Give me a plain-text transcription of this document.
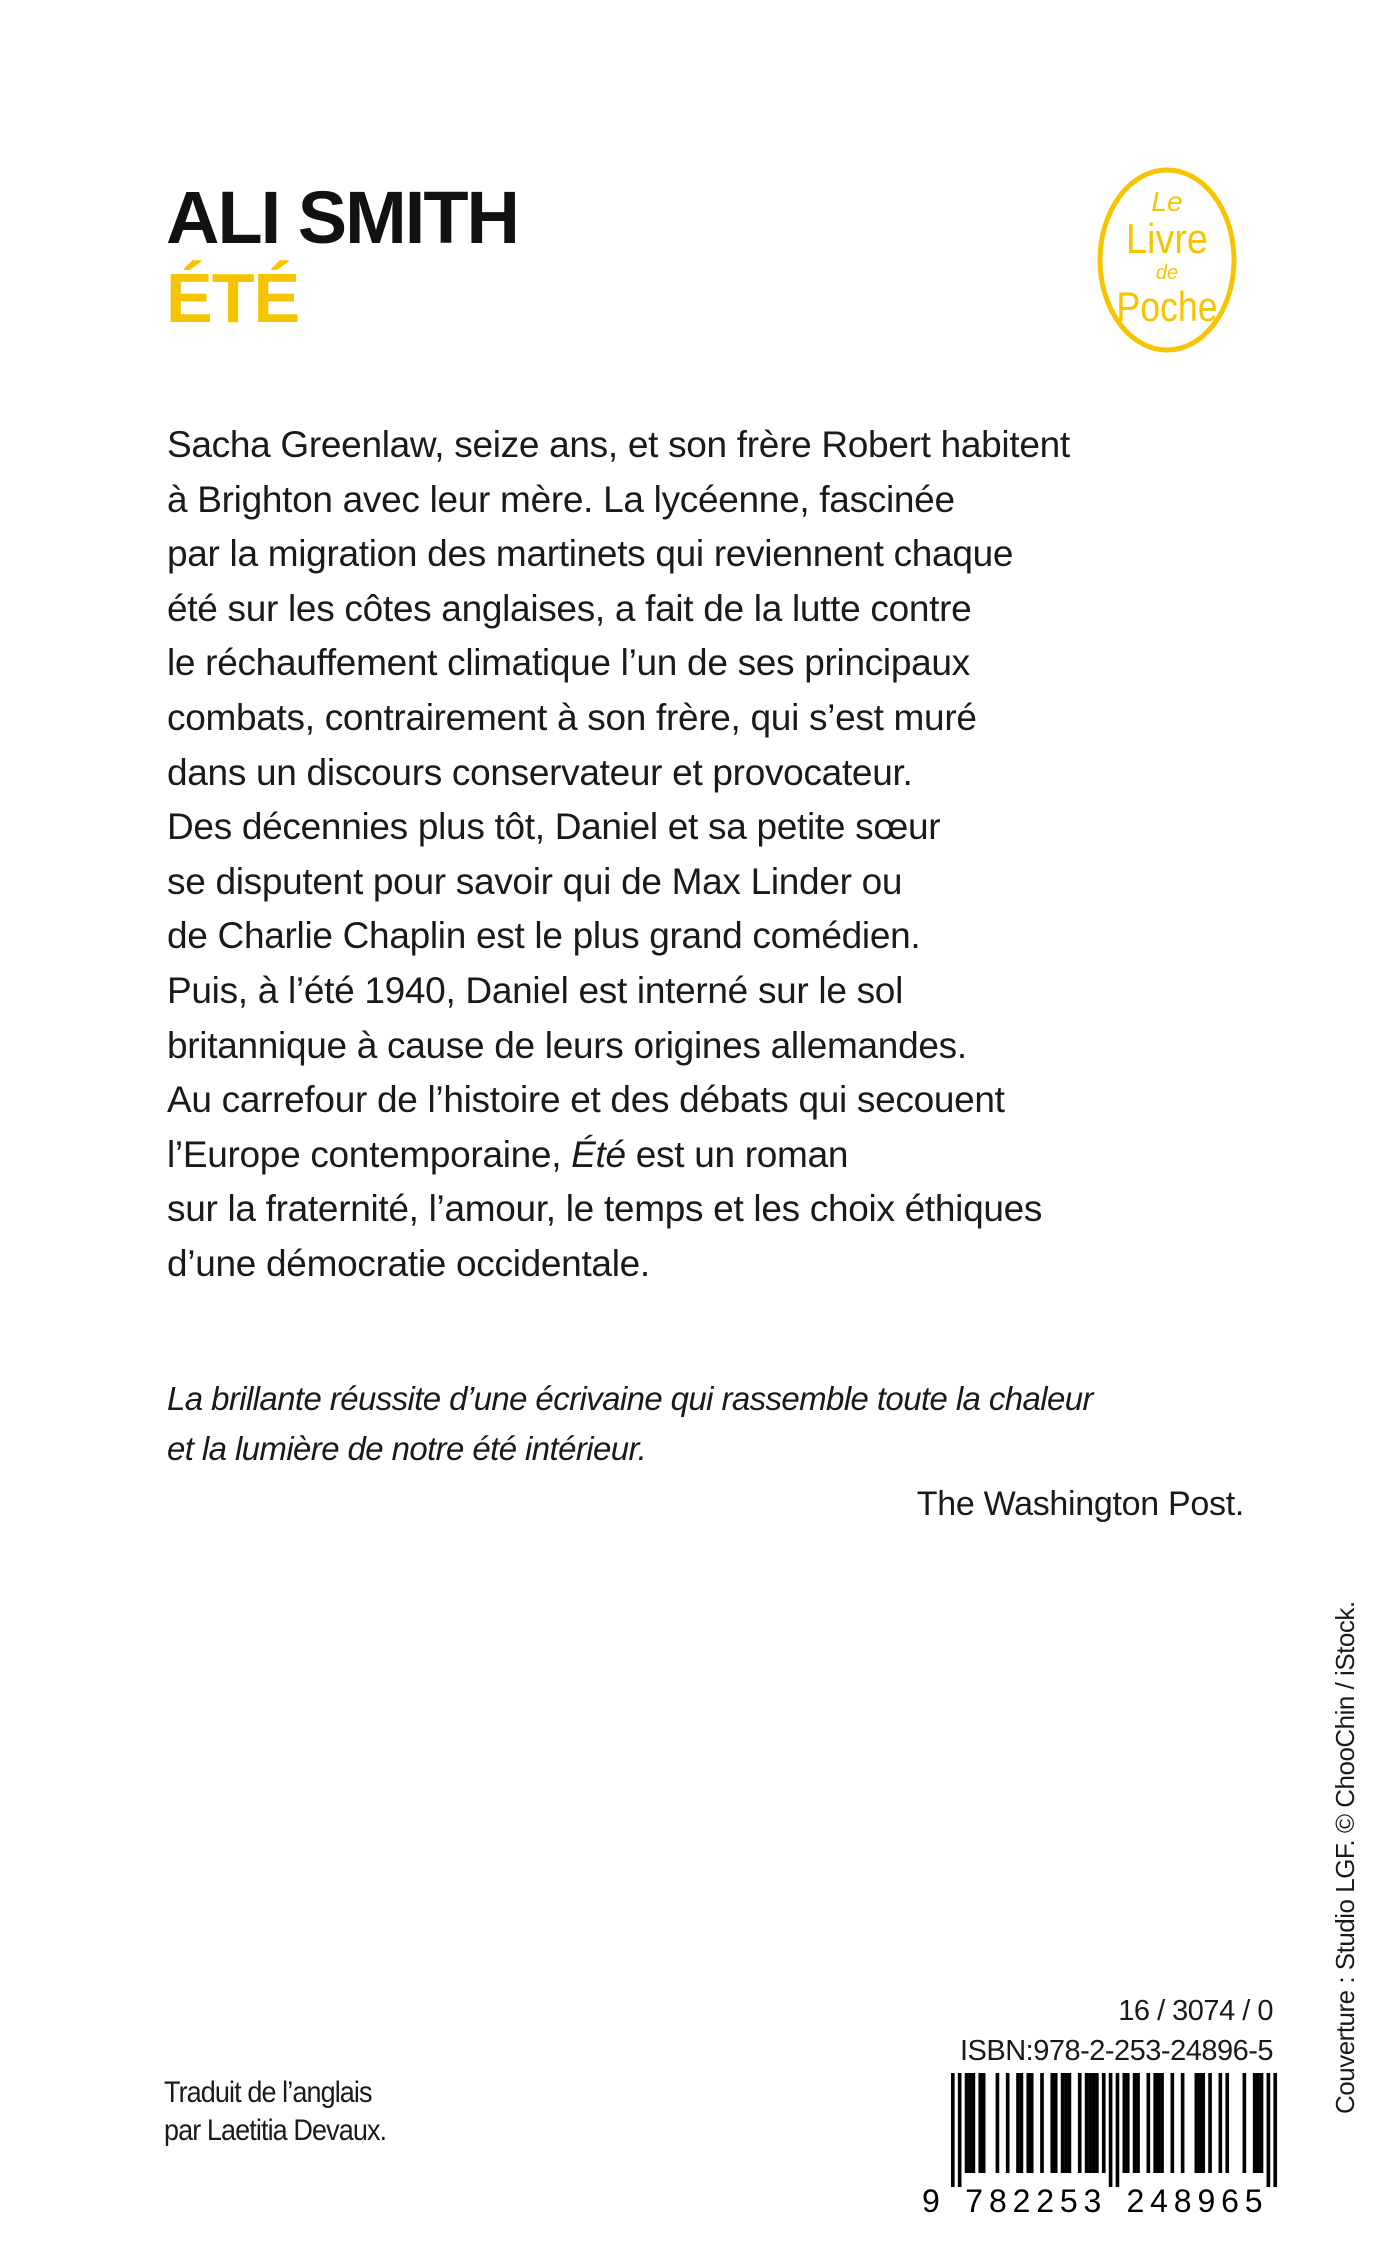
ALI SMITH
ÉTÉ
Le
Livre
de
Poche
Sacha Greenlaw, seize ans, et son frère Robert habitent
à Brighton avec leur mère. La lycéenne, fascinée
par la migration des martinets qui reviennent chaque
été sur les côtes anglaises, a fait de la lutte contre
le réchauffement climatique l’un de ses principaux
combats, contrairement à son frère, qui s’est muré
dans un discours conservateur et provocateur.
Des décennies plus tôt, Daniel et sa petite sœur
se disputent pour savoir qui de Max Linder ou
de Charlie Chaplin est le plus grand comédien.
Puis, à l’été 1940, Daniel est interné sur le sol
britannique à cause de leurs origines allemandes.
Au carrefour de l’histoire et des débats qui secouent
l’Europe contemporaine, Été est un roman
sur la fraternité, l’amour, le temps et les choix éthiques
d’une démocratie occidentale.
La brillante réussite d’une écrivaine qui rassemble toute la chaleur
et la lumière de notre été intérieur.
The Washington Post.
Traduit de l’anglais
par Laetitia Devaux.
16 / 3074 / 0
ISBN:978-2-253-24896-5
9 782253 248965
Couverture : Studio LGF. © ChooChin / iStock.
